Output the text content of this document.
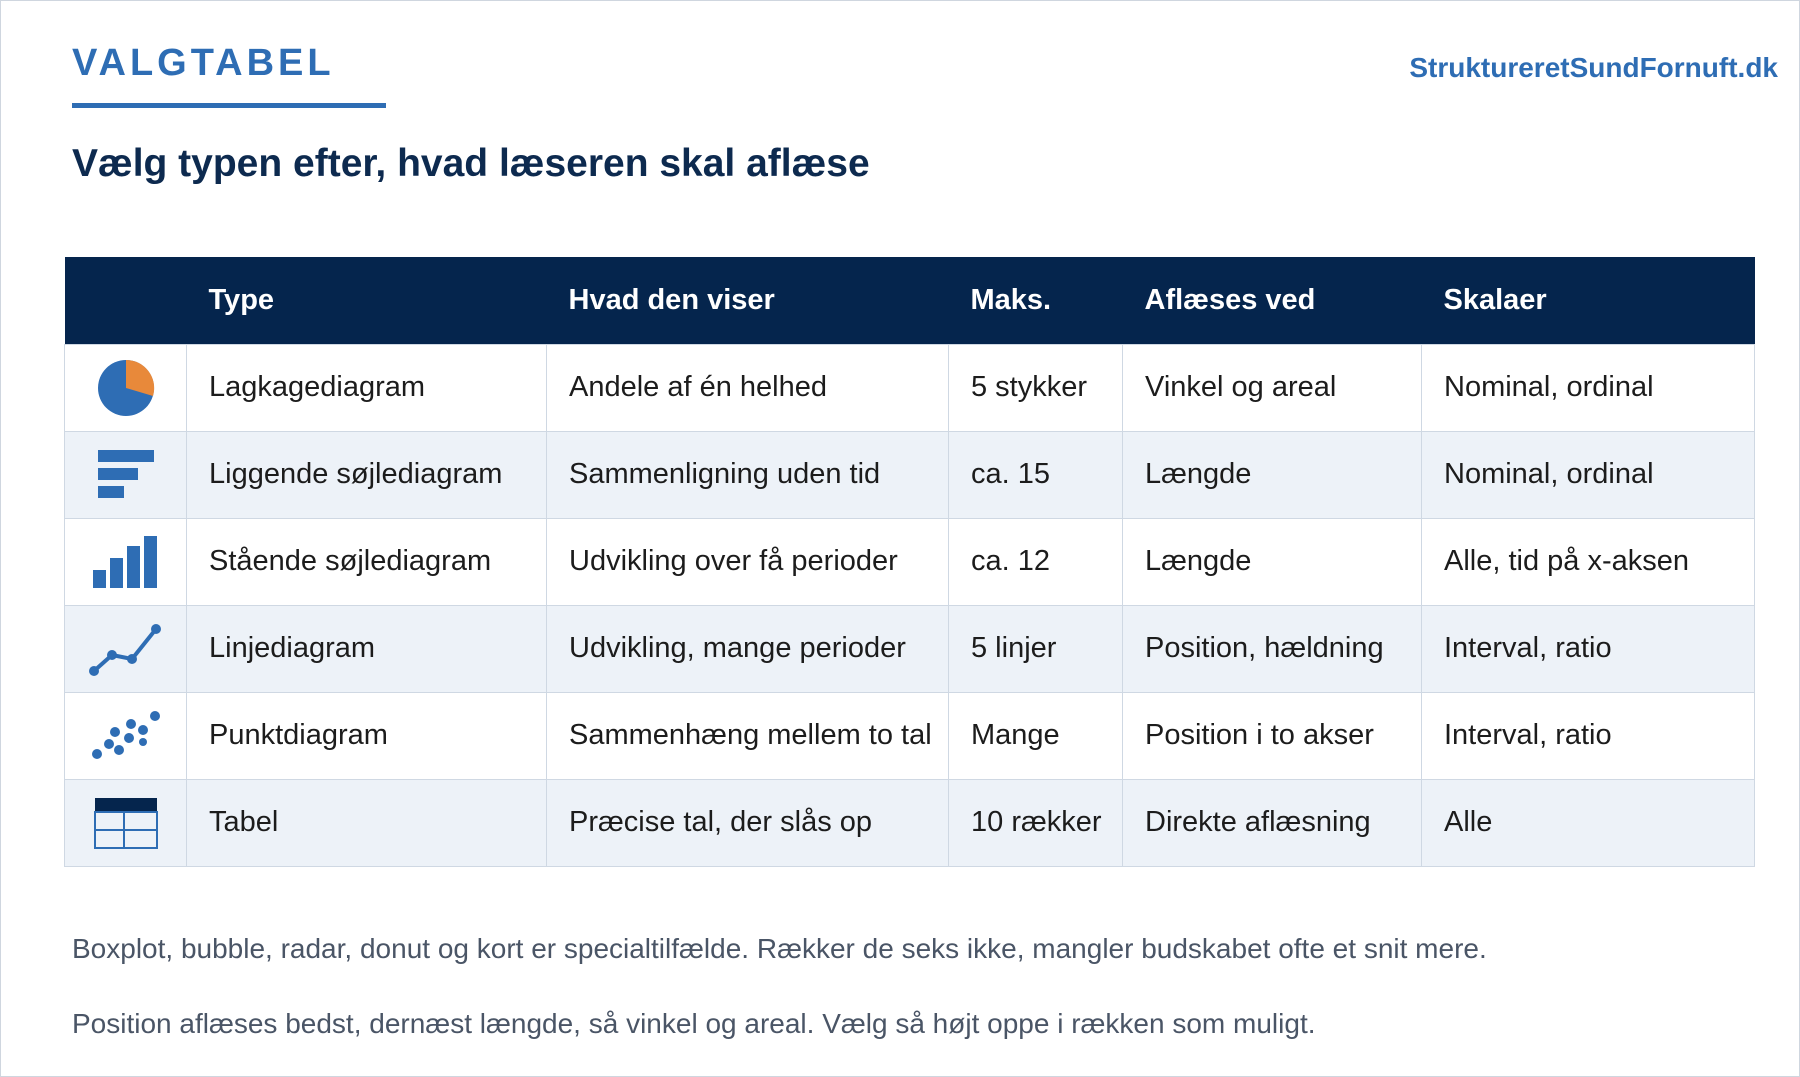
VALGTABEL	StruktureretSundFornuft.dk
Vælg typen efter, hvad læseren skal aflæse
	Type	Hvad den viser	Maks.	Aflæses ved	Skalaer

	Lagkagediagram	Andele af én helhed	5 stykker	Vinkel og areal	Nominal, ordinal

	Liggende søjlediagram	Sammenligning uden tid	ca. 15	Længde	Nominal, ordinal

	Stående søjlediagram	Udvikling over få perioder	ca. 12	Længde	Alle, tid på x-aksen

	Linjediagram	Udvikling, mange perioder	5 linjer	Position, hældning	Interval, ratio

	Punktdiagram	Sammenhæng mellem to tal	Mange	Position i to akser	Interval, ratio

	Tabel	Præcise tal, der slås op	10 rækker	Direkte aflæsning	Alle
Boxplot, bubble, radar, donut og kort er specialtilfælde. Rækker de seks ikke, mangler budskabet ofte et snit mere.
Position aflæses bedst, dernæst længde, så vinkel og areal. Vælg så højt oppe i rækken som muligt.
